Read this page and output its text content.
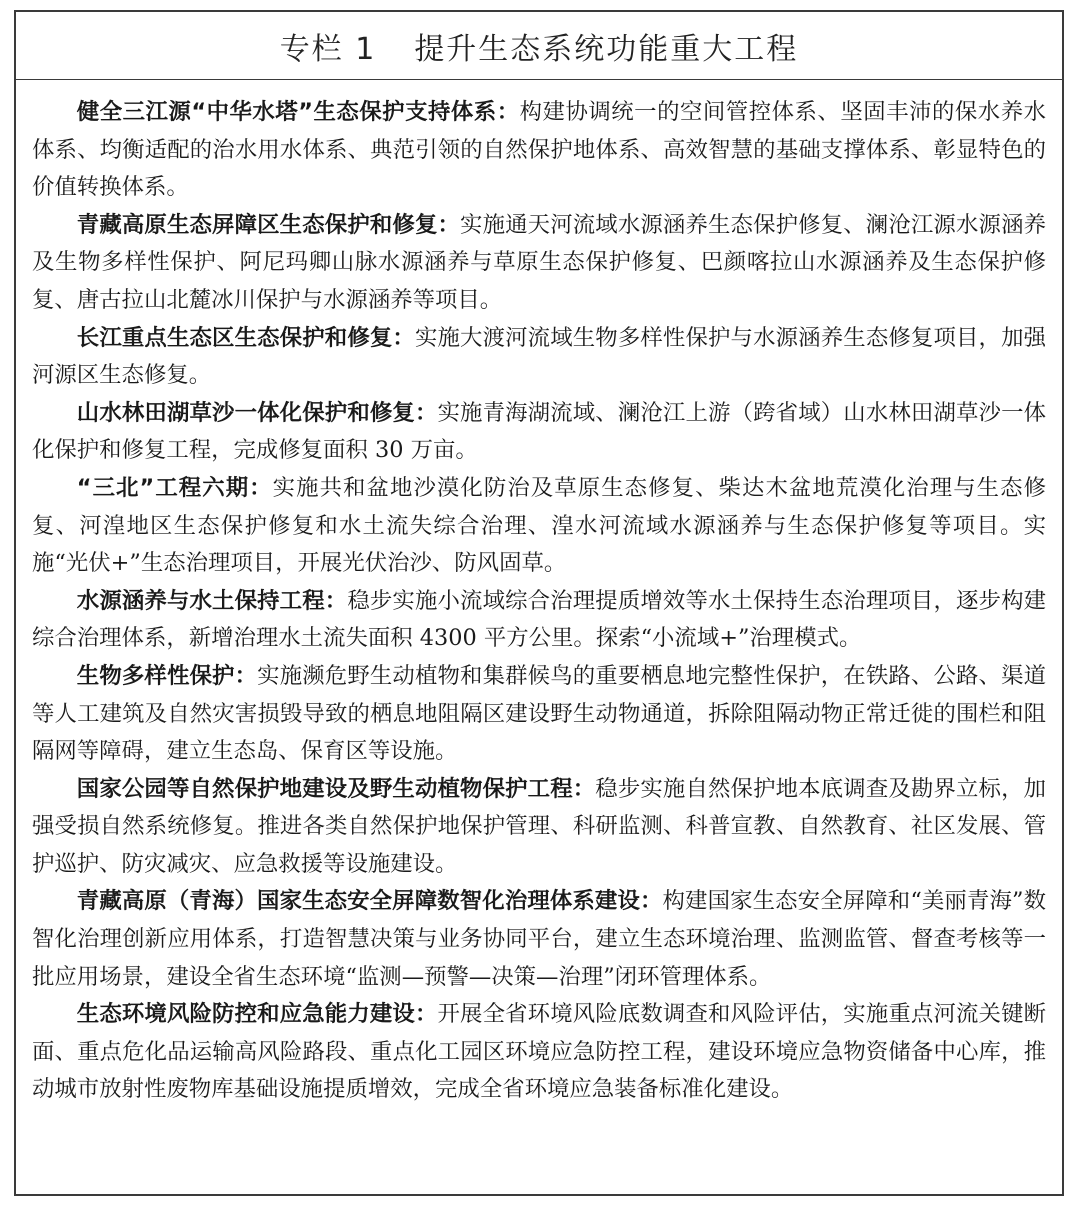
专栏 1 提升生态系统功能重大工程

健全三江源“中华水塔”生态保护支持体系：构建协调统一的空间管控体系、坚固丰沛的保水养水体系、均衡适配的治水用水体系、典范引领的自然保护地体系、高效智慧的基础支撑体系、彰显特色的价值转换体系。

青藏高原生态屏障区生态保护和修复：实施通天河流域水源涵养生态保护修复、澜沧江源水源涵养及生物多样性保护、阿尼玛卿山脉水源涵养与草原生态保护修复、巴颜喀拉山水源涵养及生态保护修复、唐古拉山北麓冰川保护与水源涵养等项目。

长江重点生态区生态保护和修复：实施大渡河流域生物多样性保护与水源涵养生态修复项目，加强河源区生态修复。

山水林田湖草沙一体化保护和修复：实施青海湖流域、澜沧江上游（跨省域）山水林田湖草沙一体化保护和修复工程，完成修复面积 30 万亩。

“三北”工程六期：实施共和盆地沙漠化防治及草原生态修复、柴达木盆地荒漠化治理与生态修复、河湟地区生态保护修复和水土流失综合治理、湟水河流域水源涵养与生态保护修复等项目。实施“光伏+”生态治理项目，开展光伏治沙、防风固草。

水源涵养与水土保持工程：稳步实施小流域综合治理提质增效等水土保持生态治理项目，逐步构建综合治理体系，新增治理水土流失面积 4300 平方公里。探索“小流域+”治理模式。

生物多样性保护：实施濒危野生动植物和集群候鸟的重要栖息地完整性保护，在铁路、公路、渠道等人工建筑及自然灾害损毁导致的栖息地阻隔区建设野生动物通道，拆除阻隔动物正常迁徙的围栏和阻隔网等障碍，建立生态岛、保育区等设施。

国家公园等自然保护地建设及野生动植物保护工程：稳步实施自然保护地本底调查及勘界立标，加强受损自然系统修复。推进各类自然保护地保护管理、科研监测、科普宣教、自然教育、社区发展、管护巡护、防灾减灾、应急救援等设施建设。

青藏高原（青海）国家生态安全屏障数智化治理体系建设：构建国家生态安全屏障和“美丽青海”数智化治理创新应用体系，打造智慧决策与业务协同平台，建立生态环境治理、监测监管、督查考核等一批应用场景，建设全省生态环境“监测—预警—决策—治理”闭环管理体系。

生态环境风险防控和应急能力建设：开展全省环境风险底数调查和风险评估，实施重点河流关键断面、重点危化品运输高风险路段、重点化工园区环境应急防控工程，建设环境应急物资储备中心库，推动城市放射性废物库基础设施提质增效，完成全省环境应急装备标准化建设。
